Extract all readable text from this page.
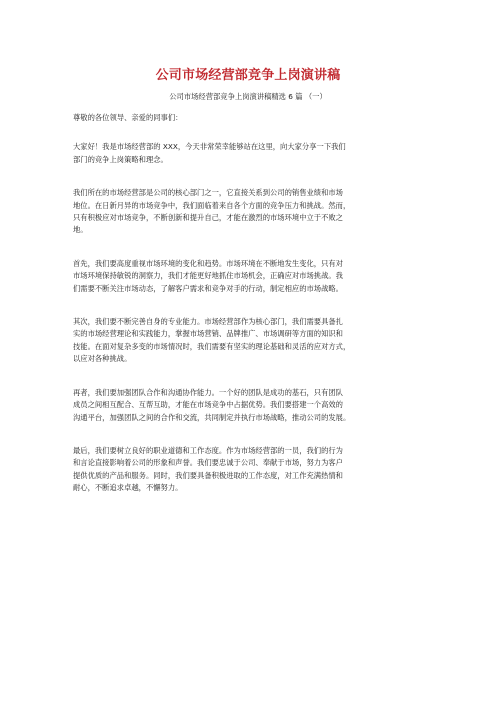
公司市场经营部竞争上岗演讲稿
公司市场经营部竞争上岗演讲稿精选 6 篇 （一）

尊敬的各位领导、亲爱的同事们：

大家好！我是市场经营部的 XXX，今天非常荣幸能够站在这里，向大家分享一下我们
部门的竞争上岗策略和理念。

我们所在的市场经营部是公司的核心部门之一，它直接关系到公司的销售业绩和市场
地位。在日新月异的市场竞争中，我们面临着来自各个方面的竞争压力和挑战。然而，
只有积极应对市场竞争，不断创新和提升自己，才能在激烈的市场环境中立于不败之
地。

首先，我们要高度重视市场环境的变化和趋势。市场环境在不断地发生变化，只有对
市场环境保持敏锐的洞察力，我们才能更好地抓住市场机会，正确应对市场挑战。我
们需要不断关注市场动态，了解客户需求和竞争对手的行动，制定相应的市场战略。

其次，我们要不断完善自身的专业能力。市场经营部作为核心部门，我们需要具备扎
实的市场经营理论和实践能力，掌握市场营销、品牌推广、市场调研等方面的知识和
技能。在面对复杂多变的市场情况时，我们需要有坚实的理论基础和灵活的应对方式，
以应对各种挑战。

再者，我们要加强团队合作和沟通协作能力。一个好的团队是成功的基石，只有团队
成员之间相互配合、互帮互助，才能在市场竞争中占据优势。我们要搭建一个高效的
沟通平台，加强团队之间的合作和交流，共同制定并执行市场战略，推动公司的发展。

最后，我们要树立良好的职业道德和工作态度。作为市场经营部的一员，我们的行为
和言论直接影响着公司的形象和声誉。我们要忠诚于公司、奉献于市场，努力为客户
提供优质的产品和服务。同时，我们要具备积极进取的工作态度，对工作充满热情和
耐心，不断追求卓越，不懈努力。
